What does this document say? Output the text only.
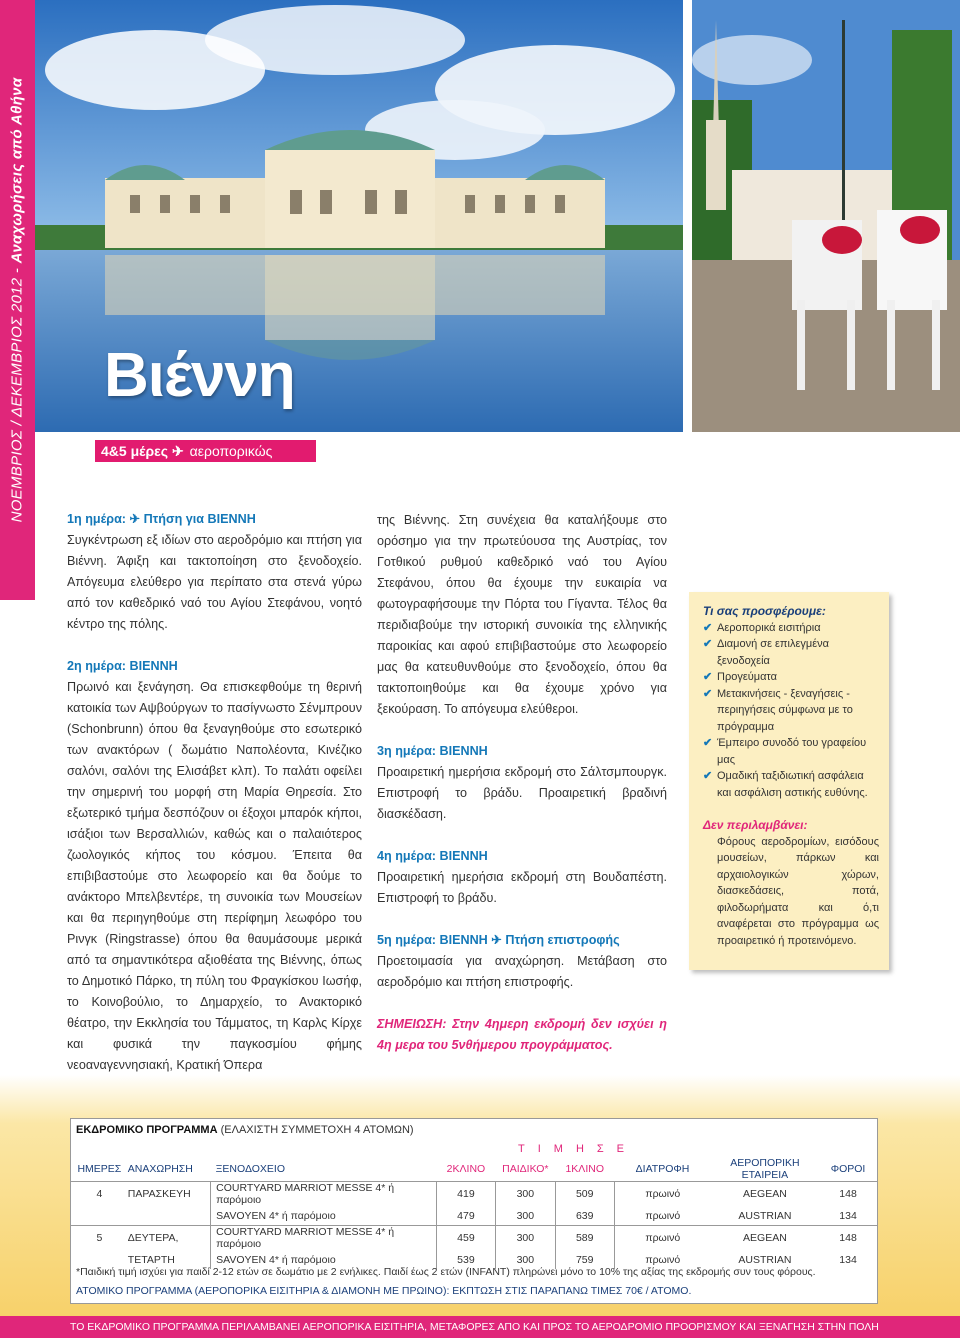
ΝΟΕΜΒΡΙΟΣ / ΔΕΚΕΜΒΡΙΟΣ 2012 - Αναχωρήσεις από Αθήνα
Βιέννη
4&5 μέρες ✈ αεροπορικώς

1η ημέρα: ✈ Πτήση για ΒΙΕΝΝΗ

Συγκέντρωση εξ ιδίων στο αεροδρόμιο και πτήση για Βιέννη. Άφιξη και τακτοποίηση στο ξενοδοχείο. Απόγευμα ελεύθερο για περίπατο στα στενά γύρω από τον καθεδρικό ναό του Αγίου Στεφάνου, νοητό κέντρο της πόλης.

2η ημέρα: ΒΙΕΝΝΗ

Πρωινό και ξενάγηση. Θα επισκεφθούμε τη θερινή κατοικία των Αψβούργων το πασίγνωστο Σένμπρουν (Schonbrunn) όπου θα ξεναγηθούμε στο εσωτερικό των ανακτόρων ( δωμάτιο Ναπολέοντα, Κινέζικο σαλόνι, σαλόνι της Ελισάβετ κλπ). Το παλάτι οφείλει την σημερινή του μορφή στη Μαρία Θηρεσία. Στο εξωτερικό τμήμα δεσπόζουν οι έξοχοι μπαρόκ κήποι, ισάξιοι των Βερσαλλιών, καθώς και ο παλαιότερος ζωολογικός κήπος του κόσμου. Έπειτα θα επιβιβαστούμε στο λεωφορείο και θα δούμε το ανάκτορο Μπελβεντέρε, τη συνοικία των Μουσείων και θα περιηγηθούμε στη περίφημη λεωφόρο του Ρινγκ (Ringstrasse) όπου θα θαυμάσουμε μερικά από τα σημαντικότερα αξιοθέατα της Βιέννης, όπως το Δημοτικό Πάρκο, τη πύλη του Φραγκίσκου Ιωσήφ, το Κοινοβούλιο, το Δημαρχείο, το Ανακτορικό θέατρο, την Εκκλησία του Τάμματος, τη Καρλς Κίρχε και φυσικά την παγκοσμίου φήμης νεοαναγεννησιακή, Κρατική Όπερα

της Βιέννης. Στη συνέχεια θα καταλήξουμε στο ορόσημο για την πρωτεύουσα της Αυστρίας, τον Γοτθικού ρυθμού καθεδρικό ναό του Αγίου Στεφάνου, όπου θα έχουμε την ευκαιρία να φωτογραφήσουμε την Πόρτα του Γίγαντα. Τέλος θα περιδιαβούμε την ιστορική συνοικία της ελληνικής παροικίας και αφού επιβιβαστούμε στο λεωφορείο μας θα κατευθυνθούμε στο ξενοδοχείο, όπου θα τακτοποιηθούμε και θα έχουμε χρόνο για ξεκούραση. Το απόγευμα ελεύθεροι.

3η ημέρα: ΒΙΕΝΝΗ

Προαιρετική ημερήσια εκδρομή στο Σάλτσμπουργκ. Επιστροφή το βράδυ. Προαιρετική βραδινή διασκέδαση.

4η ημέρα: ΒΙΕΝΝΗ

Προαιρετική ημερήσια εκδρομή στη Βουδαπέστη. Επιστροφή το βράδυ.

5η ημέρα: ΒΙΕΝΝΗ ✈ Πτήση επιστροφής

Προετοιμασία για αναχώρηση. Μετάβαση στο αεροδρόμιο και πτήση επιστροφής.

ΣΗΜΕΙΩΣΗ: Στην 4ημερη εκδρομή δεν ισχύει η 4η μερα του 5νθήμερου προγράμματος.

Τι σας προσφέρουμε:
✔ Αεροπορικά εισιτήρια
✔ Διαμονή σε επιλεγμένα ξενοδοχεία
✔ Προγεύματα
✔ Μετακινήσεις - ξεναγήσεις - περιηγήσεις σύμφωνα με το πρόγραμμα
✔ Έμπειρο συνοδό του γραφείου μας
✔ Ομαδική ταξιδιωτική ασφάλεια και ασφάλιση αστικής ευθύνης.
Δεν περιλαμβάνει:
Φόρους αεροδρομίων, εισόδους μουσείων, πάρκων και αρχαιολογικών χώρων, διασκεδάσεις, ποτά, φιλοδωρήματα και ό,τι αναφέρεται στο πρόγραμμα ως προαιρετικό ή προτεινόμενο.
ΕΚΔΡΟΜΙΚΟ ΠΡΟΓΡΑΜΜΑ (ΕΛΑΧΙΣΤΗ ΣΥΜΜΕΤΟΧΗ 4 ΑΤΟΜΩΝ)
ΤΙΜΗΣΕ
ΗΜΕΡΕΣ	ΑΝΑΧΩΡΗΣΗ	ΞΕΝΟΔΟΧΕΙΟ	2ΚΛΙΝΟ	ΠΑΙΔΙΚΟ*	1ΚΛΙΝΟ	ΔΙΑΤΡΟΦΗ	ΑΕΡΟΠΟΡΙΚΗ ΕΤΑΙΡΕΙΑ	ΦΟΡΟΙ
4	ΠΑΡΑΣΚΕΥΗ	COURTYARD MARRIOT MESSE 4* ή παρόμοιο	419	300	509	πρωινό	AEGEAN	148
		SAVOYEN 4* ή παρόμοιο	479	300	639	πρωινό	AUSTRIAN	134
5	ΔΕΥΤΕΡΑ,	COURTYARD MARRIOT MESSE 4* ή παρόμοιο	459	300	589	πρωινό	AEGEAN	148
	ΤΕΤΑΡΤΗ	SAVOYEN 4* ή παρόμοιο	539	300	759	πρωινό	AUSTRIAN	134
*Παιδική τιμή ισχύει για παιδί 2-12 ετών σε δωμάτιο με 2 ενήλικες. Παιδί έως 2 ετών (INFANT) πληρώνει μόνο το 10% της αξίας της εκδρομής συν τους φόρους.
ΑΤΟΜΙΚΟ ΠΡΟΓΡΑΜΜΑ (ΑΕΡΟΠΟΡΙΚΑ ΕΙΣΙΤΗΡΙΑ & ΔΙΑΜΟΝΗ ΜΕ ΠΡΩΙΝΟ): ΕΚΠΤΩΣΗ ΣΤΙΣ ΠΑΡΑΠΑΝΩ ΤΙΜΕΣ 70€ / ΑΤΟΜΟ.
ΤΟ ΕΚΔΡΟΜΙΚΟ ΠΡΟΓΡΑΜΜΑ ΠΕΡΙΛΑΜΒΑΝΕΙ ΑΕΡΟΠΟΡΙΚΑ ΕΙΣΙΤΗΡΙΑ, ΜΕΤΑΦΟΡΕΣ ΑΠΟ ΚΑΙ ΠΡΟΣ ΤΟ ΑΕΡΟΔΡΟΜΙΟ ΠΡΟΟΡΙΣΜΟΥ ΚΑΙ ΞΕΝΑΓΗΣΗ ΣΤΗΝ ΠΟΛΗ
